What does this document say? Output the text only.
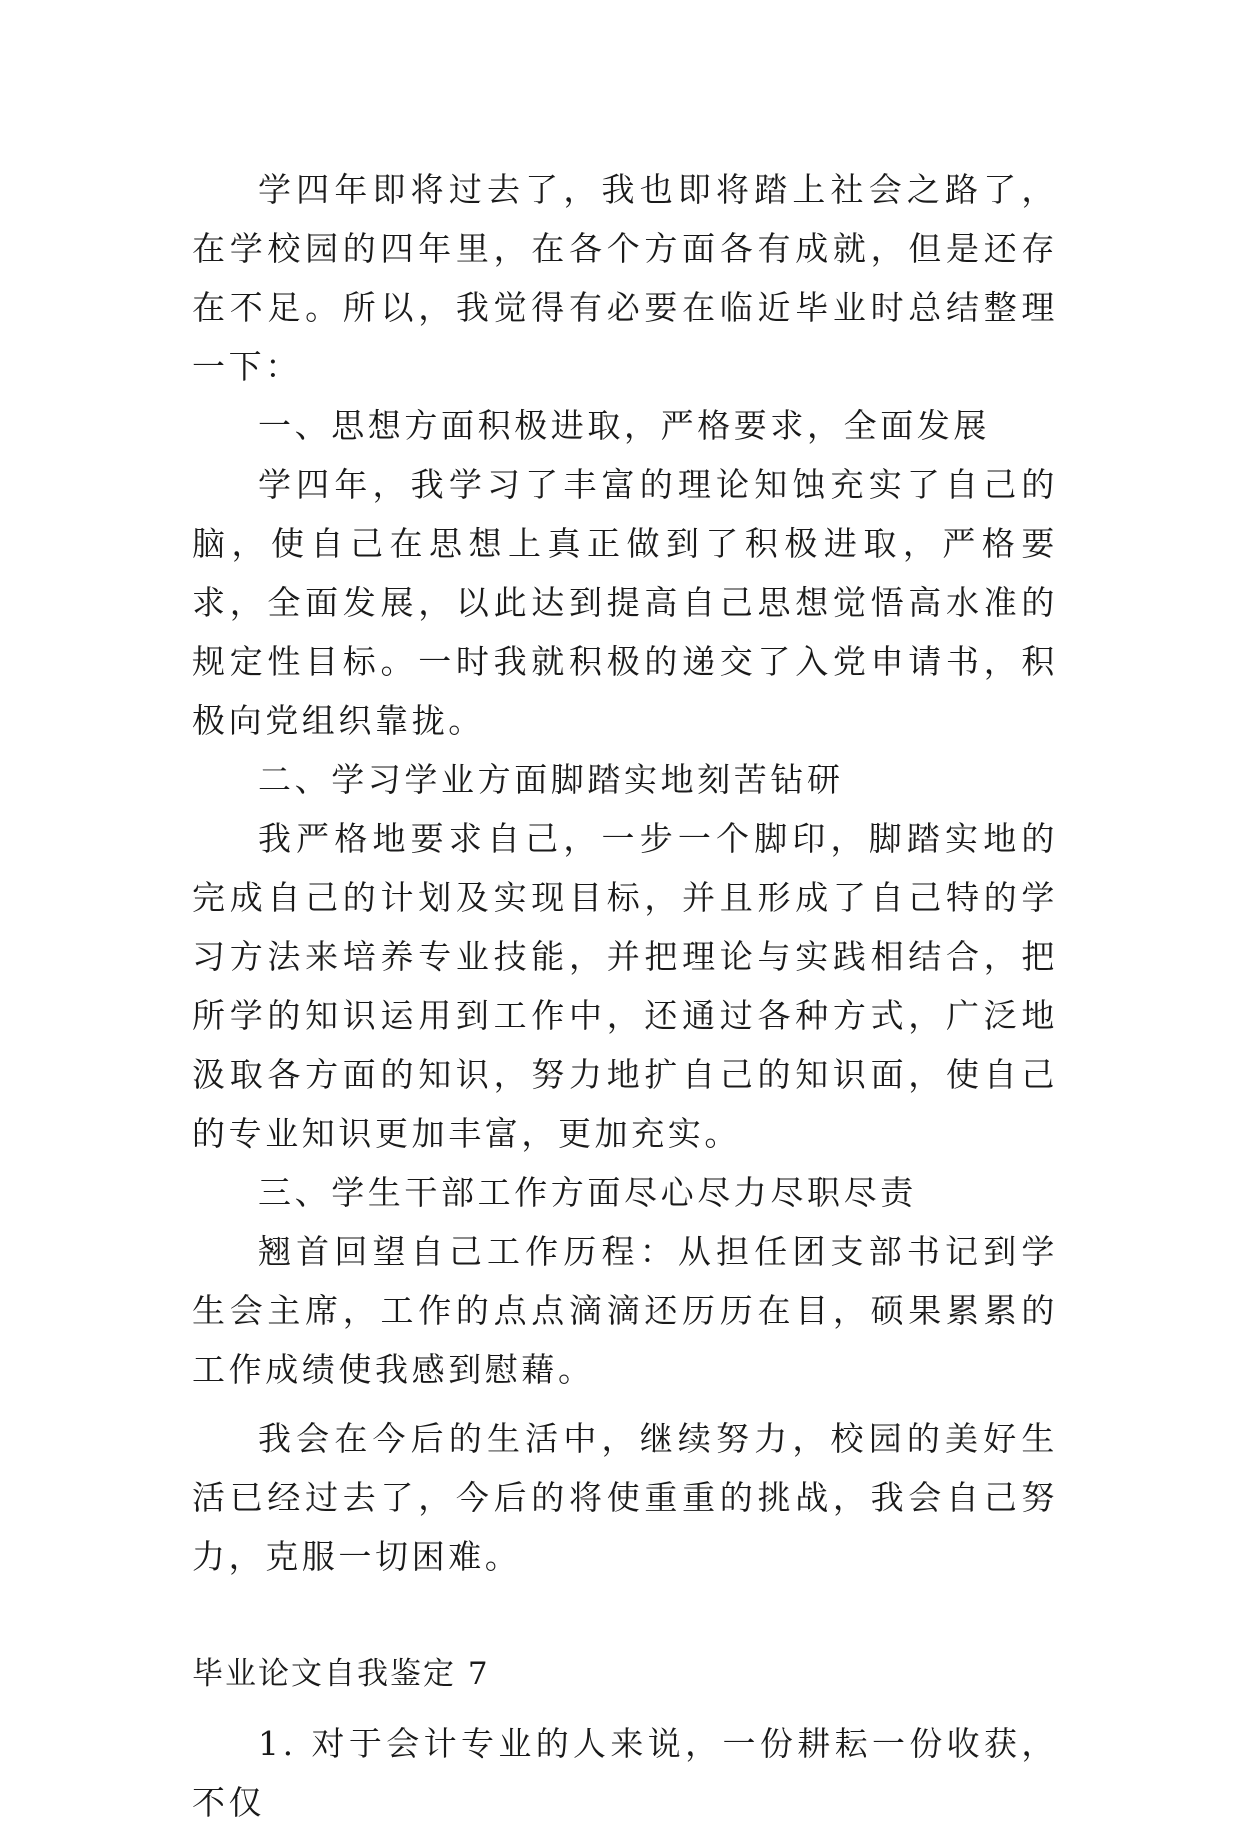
学四年即将过去了，我也即将踏上社会之路了，在学校园的四年里，在各个方面各有成就，但是还存在不足。所以，我觉得有必要在临近毕业时总结整理一下：

一、思想方面积极进取，严格要求，全面发展

学四年，我学习了丰富的理论知蚀充实了自己的脑，使自己在思想上真正做到了积极进取，严格要求，全面发展，以此达到提高自己思想觉悟高水准的规定性目标。一时我就积极的递交了入党申请书，积极向党组织靠拢。

二、学习学业方面脚踏实地刻苦钻研

我严格地要求自己，一步一个脚印，脚踏实地的完成自己的计划及实现目标，并且形成了自己特的学习方法来培养专业技能，并把理论与实践相结合，把所学的知识运用到工作中，还通过各种方式，广泛地汲取各方面的知识，努力地扩自己的知识面，使自己的专业知识更加丰富，更加充实。

三、学生干部工作方面尽心尽力尽职尽责

翘首回望自己工作历程：从担任团支部书记到学生会主席，工作的点点滴滴还历历在目，硕果累累的工作成绩使我感到慰藉。

我会在今后的生活中，继续努力，校园的美好生活已经过去了，今后的将使重重的挑战，我会自己努力，克服一切困难。

毕业论文自我鉴定 7

1. 对于会计专业的人来说，一份耕耘一份收获，不仅
